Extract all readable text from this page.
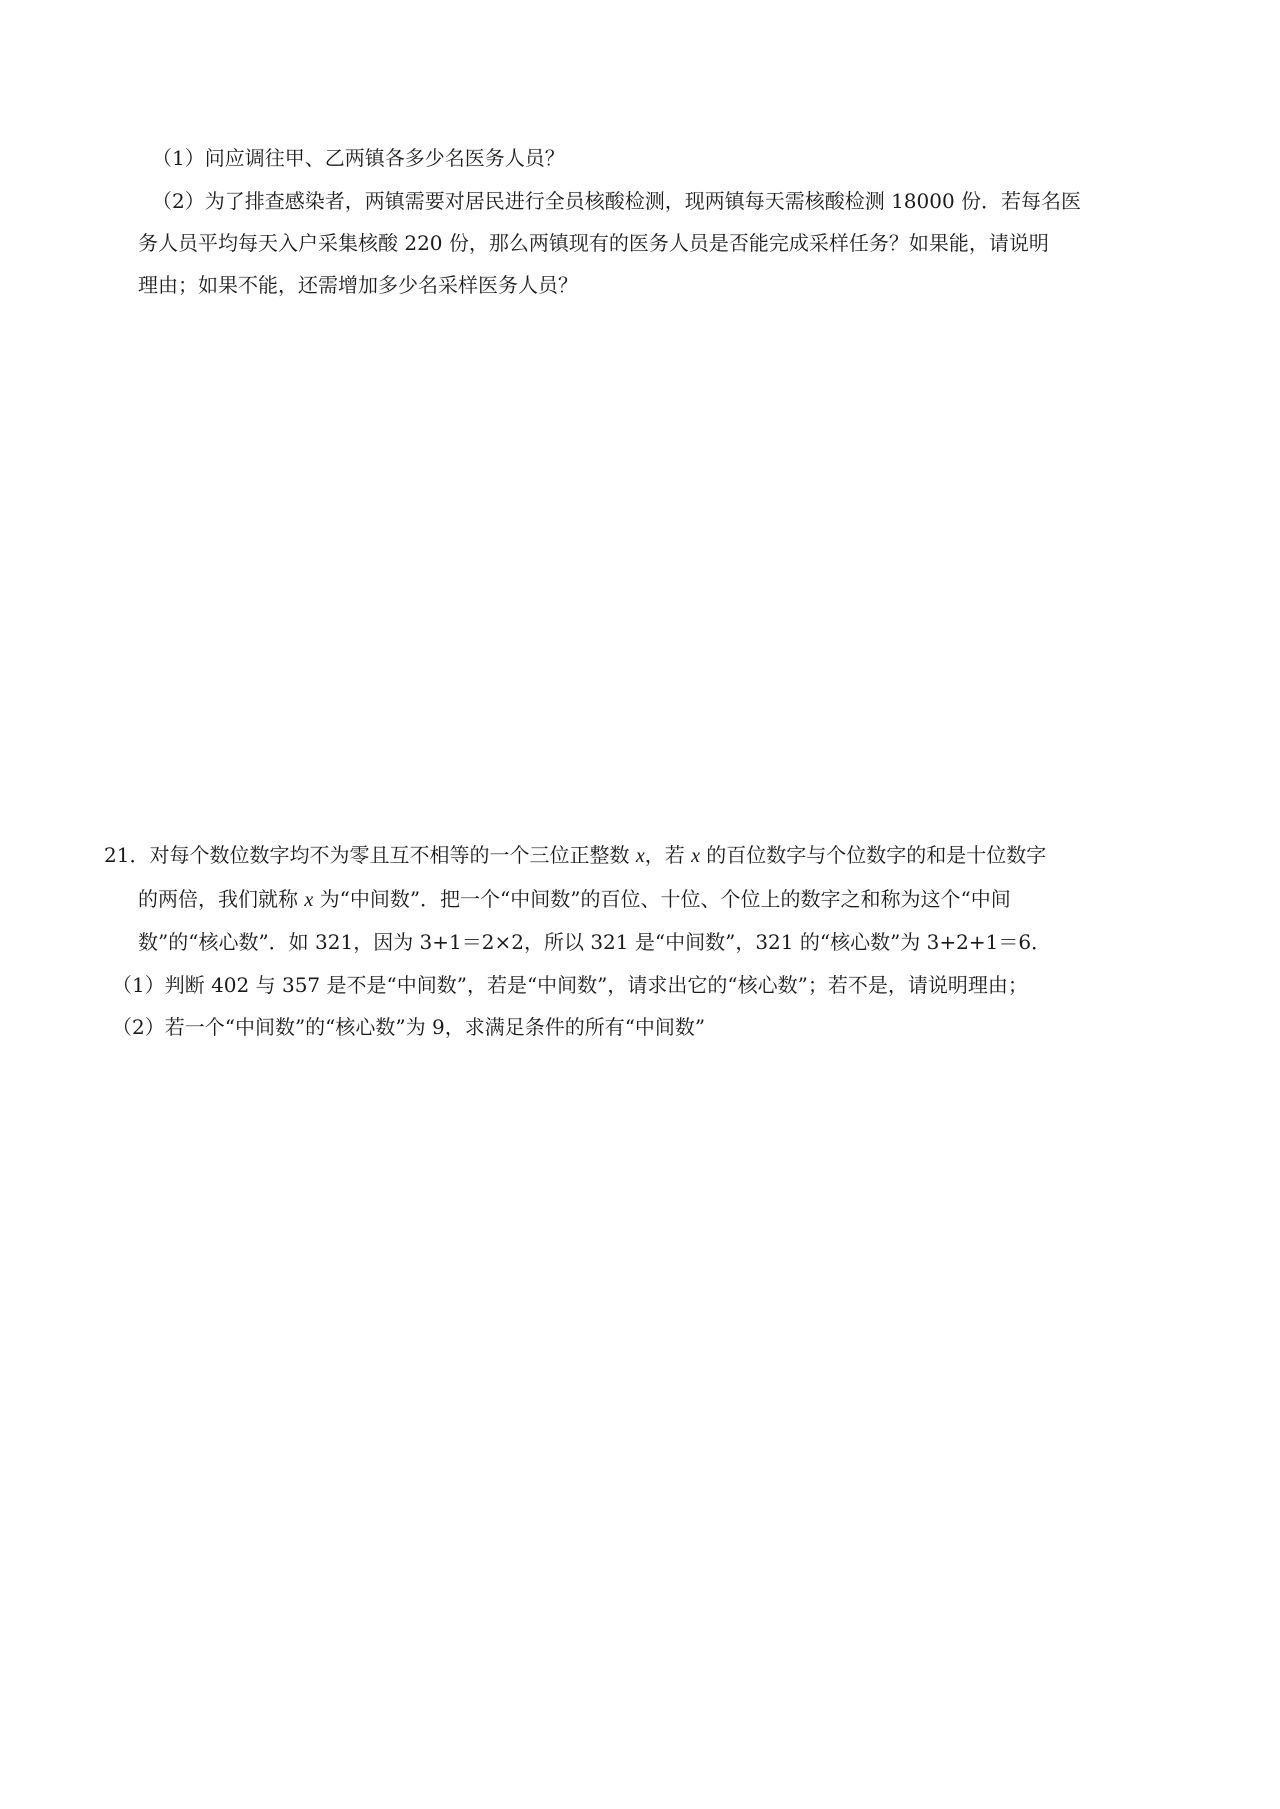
（1）问应调往甲、乙两镇各多少名医务人员？
（2）为了排查感染者，两镇需要对居民进行全员核酸检测，现两镇每天需核酸检测 18000 份．若每名医
务人员平均每天入户采集核酸 220 份，那么两镇现有的医务人员是否能完成采样任务？如果能，请说明
理由；如果不能，还需增加多少名采样医务人员？
21．对每个数位数字均不为零且互不相等的一个三位正整数 x，若 x 的百位数字与个位数字的和是十位数字
的两倍，我们就称 x 为“中间数”．把一个“中间数”的百位、十位、个位上的数字之和称为这个“中间
数”的“核心数”．如 321，因为 3+1＝2×2，所以 321 是“中间数”，321 的“核心数”为 3+2+1＝6．
（1）判断 402 与 357 是不是“中间数”，若是“中间数”，请求出它的“核心数”；若不是，请说明理由；
（2）若一个“中间数”的“核心数”为 9，求满足条件的所有“中间数”
